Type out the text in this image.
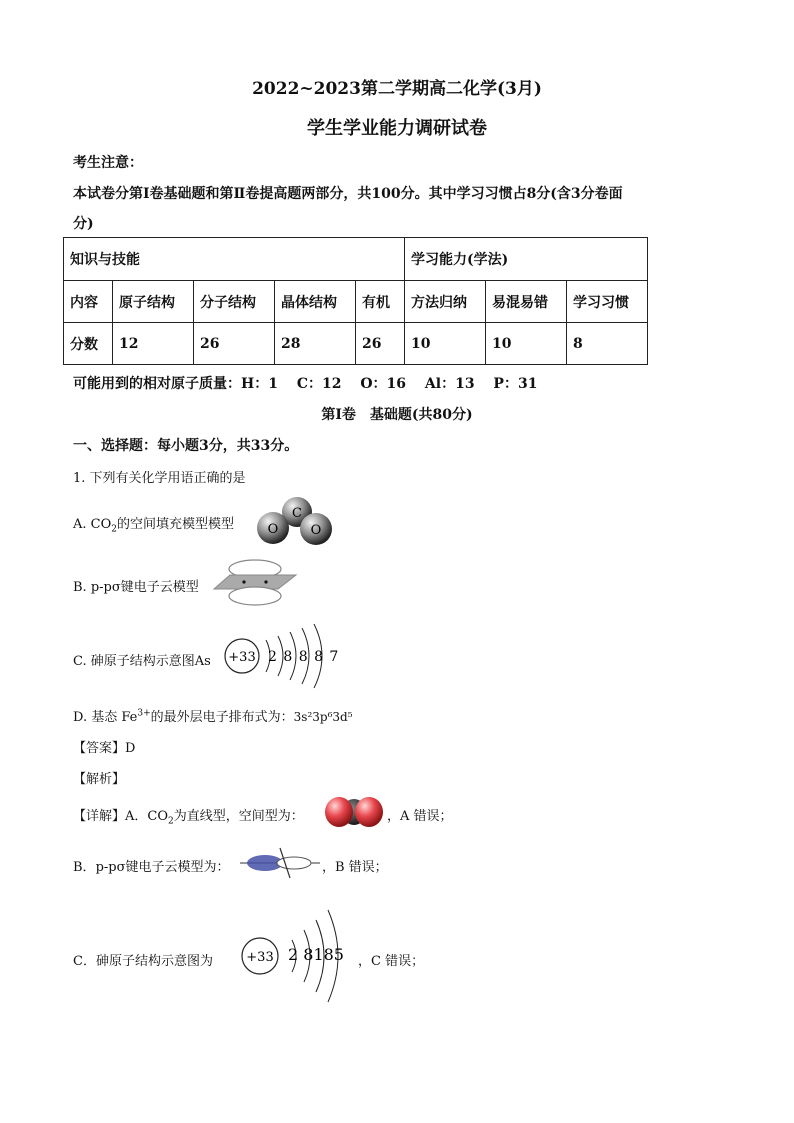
2022~2023第二学期高二化学(3月)
学生学业能力调研试卷
考生注意：
本试卷分第Ⅰ卷基础题和第Ⅱ卷提高题两部分，共100分。其中学习习惯占8分(含3分卷面
分)
知识与技能					学习能力(学法)		
内容	原子结构	分子结构	晶体结构	有机	方法归纳	易混易错	学习习惯
分数	12	26	28	26	10	10	8
可能用到的相对原子质量：H：1　 C：12　 O：16　 Al：13　 P：31
第Ⅰ卷　基础题(共80分)
一、选择题：每小题3分，共33分。
1. 下列有关化学用语正确的是
A. $CO_2$的空间填充模型模型
C
O O
B. p-pσ键电子云模型
C. 砷原子结构示意图As +33 2 8 8 8 7
D. 基态 $Fe^{3+}$的最外层电子排布式为：3s²3p⁶3d⁵
【答案】D
【解析】
【详解】A．$CO_2$为直线型，空间型为：	，A 错误；
B．p-pσ键电子云模型为：	，B 错误；
C．砷原子结构示意图为	+33 2 8185 ，C 错误；
